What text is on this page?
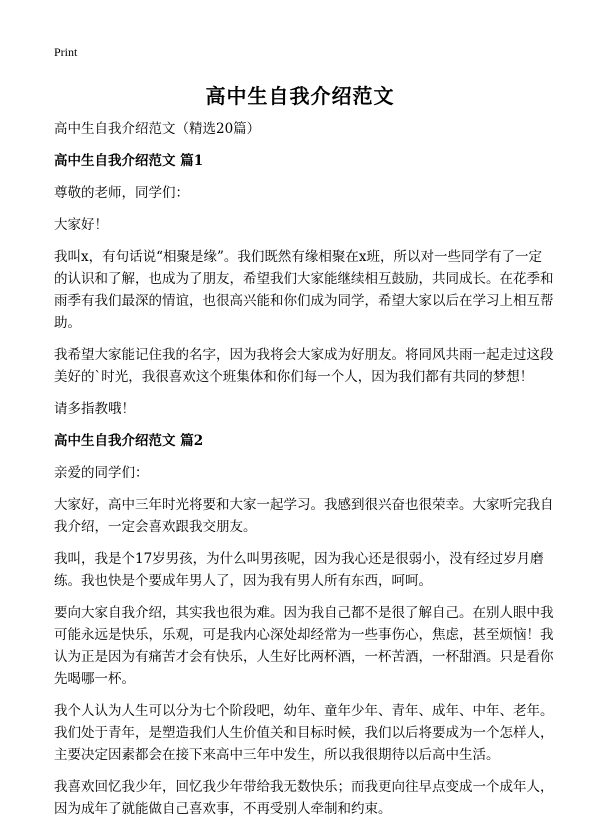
Print
高中生自我介绍范文

高中生自我介绍范文（精选20篇）

高中生自我介绍范文 篇1

尊敬的老师，同学们：

大家好！

我叫x，有句话说“相聚是缘”。我们既然有缘相聚在x班，所以对一些同学有了一定的认识和了解，也成为了朋友，希望我们大家能继续相互鼓励，共同成长。在花季和雨季有我们最深的情谊，也很高兴能和你们成为同学，希望大家以后在学习上相互帮助。

我希望大家能记住我的名字，因为我将会大家成为好朋友。将同风共雨一起走过这段美好的`时光，我很喜欢这个班集体和你们每一个人，因为我们都有共同的梦想！

请多指教哦！

高中生自我介绍范文 篇2

亲爱的同学们：

大家好，高中三年时光将要和大家一起学习。我感到很兴奋也很荣幸。大家听完我自我介绍，一定会喜欢跟我交朋友。

我叫，我是个17岁男孩，为什么叫男孩呢，因为我心还是很弱小，没有经过岁月磨练。我也快是个要成年男人了，因为我有男人所有东西，呵呵。

要向大家自我介绍，其实我也很为难。因为我自己都不是很了解自己。在别人眼中我可能永远是快乐，乐观，可是我内心深处却经常为一些事伤心，焦虑，甚至烦恼！我认为正是因为有痛苦才会有快乐，人生好比两杯酒，一杯苦酒，一杯甜酒。只是看你先喝哪一杯。

我个人认为人生可以分为七个阶段吧，幼年、童年少年、青年、成年、中年、老年。我们处于青年，是塑造我们人生价值关和目标时候，我们以后将要成为一个怎样人，主要决定因素都会在接下来高中三年中发生，所以我很期待以后高中生活。

我喜欢回忆我少年，回忆我少年带给我无数快乐；而我更向往早点变成一个成年人，因为成年了就能做自己喜欢事，不再受别人牵制和约束。
